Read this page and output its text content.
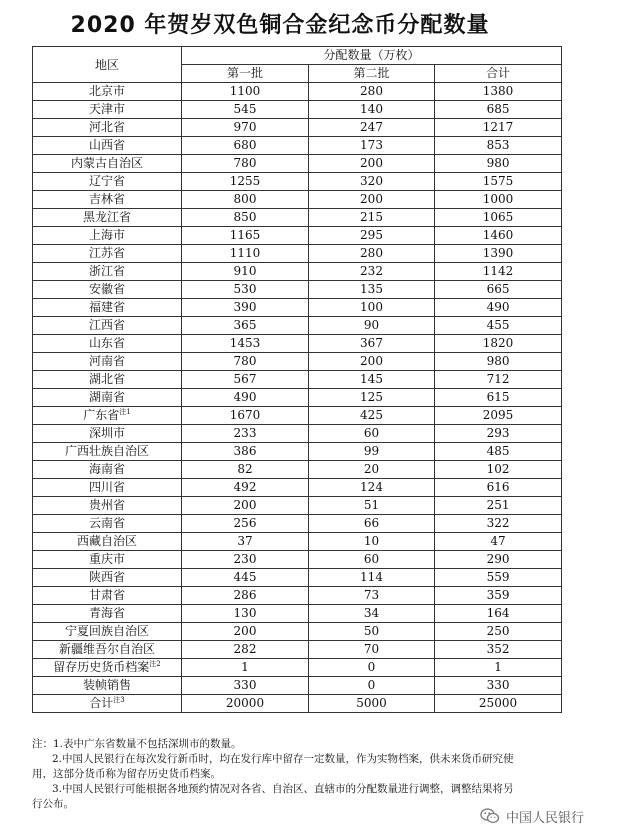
2020 年贺岁双色铜合金纪念币分配数量
地区	分配数量（万枚）		
	第一批	第二批	合计
北京市	1100	280	1380
天津市	545	140	685
河北省	970	247	1217
山西省	680	173	853
内蒙古自治区	780	200	980
辽宁省	1255	320	1575
吉林省	800	200	1000
黑龙江省	850	215	1065
上海市	1165	295	1460
江苏省	1110	280	1390
浙江省	910	232	1142
安徽省	530	135	665
福建省	390	100	490
江西省	365	90	455
山东省	1453	367	1820
河南省	780	200	980
湖北省	567	145	712
湖南省	490	125	615
广东省$^{注1}$	1670	425	2095
深圳市	233	60	293
广西壮族自治区	386	99	485
海南省	82	20	102
四川省	492	124	616
贵州省	200	51	251
云南省	256	66	322
西藏自治区	37	10	47
重庆市	230	60	290
陕西省	445	114	559
甘肃省	286	73	359
青海省	130	34	164
宁夏回族自治区	200	50	250
新疆维吾尔自治区	282	70	352
留存历史货币档案$^{注2}$	1	0	1
装帧销售	330	0	330
合计$^{注3}$	20000	5000	25000
注：1.表中广东省数量不包括深圳市的数量。
2.中国人民银行在每次发行新币时，均在发行库中留存一定数量，作为实物档案，供未来货币研究使
用，这部分货币称为留存历史货币档案。
3.中国人民银行可能根据各地预约情况对各省、自治区、直辖市的分配数量进行调整，调整结果将另
行公布。
中国人民银行
